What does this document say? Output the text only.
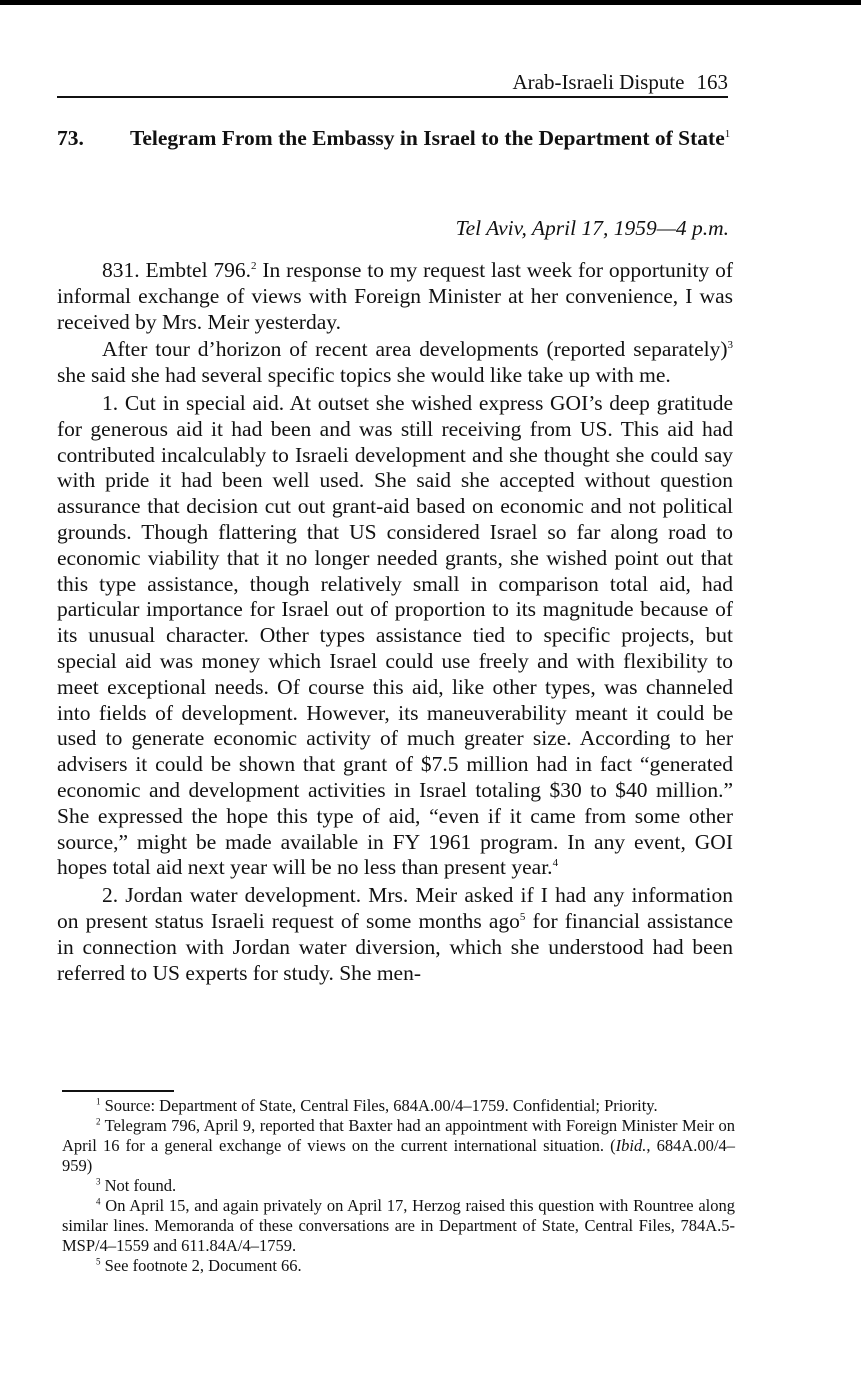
Arab-Israeli Dispute 163
73. Telegram From the Embassy in Israel to the Department of State$^1$
Tel Aviv, April 17, 1959—4 p.m.

831. Embtel 796.$^2$ In response to my request last week for opportunity of informal exchange of views with Foreign Minister at her convenience, I was received by Mrs. Meir yesterday.

After tour d’horizon of recent area developments (reported separately)$^3$ she said she had several specific topics she would like take up with me.

1. Cut in special aid. At outset she wished express GOI’s deep gratitude for generous aid it had been and was still receiving from US. This aid had contributed incalculably to Israeli development and she thought she could say with pride it had been well used. She said she accepted without question assurance that decision cut out grant-aid based on economic and not political grounds. Though flattering that US considered Israel so far along road to economic viability that it no longer needed grants, she wished point out that this type assistance, though relatively small in comparison total aid, had particular importance for Israel out of proportion to its magnitude because of its unusual character. Other types assistance tied to specific projects, but special aid was money which Israel could use freely and with flexibility to meet exceptional needs. Of course this aid, like other types, was channeled into fields of development. However, its maneuverability meant it could be used to generate economic activity of much greater size. According to her advisers it could be shown that grant of $7.5 million had in fact “generated economic and development activities in Israel totaling $30 to $40 million.” She expressed the hope this type of aid, “even if it came from some other source,” might be made available in FY 1961 program. In any event, GOI hopes total aid next year will be no less than present year.$^4$

2. Jordan water development. Mrs. Meir asked if I had any information on present status Israeli request of some months ago$^5$ for financial assistance in connection with Jordan water diversion, which she understood had been referred to US experts for study. She men-

$^1$ Source: Department of State, Central Files, 684A.00/4–1759. Confidential; Priority.

$^2$ Telegram 796, April 9, reported that Baxter had an appointment with Foreign Minister Meir on April 16 for a general exchange of views on the current international situation. (Ibid., 684A.00/4–959)

$^3$ Not found.

$^4$ On April 15, and again privately on April 17, Herzog raised this question with Rountree along similar lines. Memoranda of these conversations are in Department of State, Central Files, 784A.5-MSP/4–1559 and 611.84A/4–1759.

$^5$ See footnote 2, Document 66.
